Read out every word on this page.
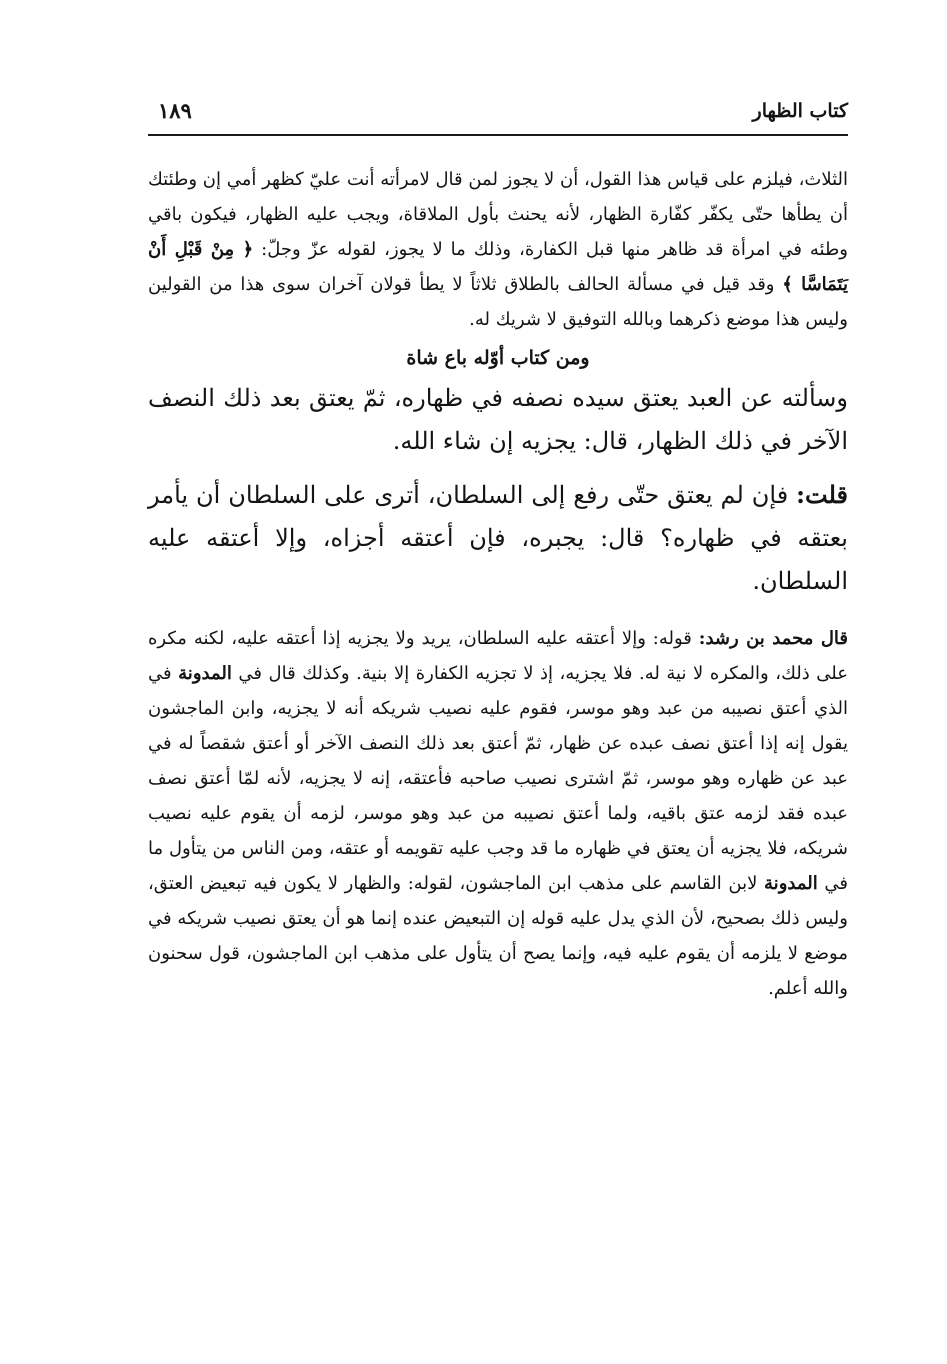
كتاب الظهار
١٨٩

الثلاث، فيلزم على قياس هذا القول، أن لا يجوز لمن قال لامرأته أنت عليّ كظهر أمي إن وطئتك أن يطأها حتّى يكفّر كفّارة الظهار، لأنه يحنث بأول الملاقاة، ويجب عليه الظهار، فيكون باقي وطئه في امرأة قد ظاهر منها قبل الكفارة، وذلك ما لا يجوز، لقوله عزّ وجلّ: ﴿ مِنْ قَبْلِ أَنْ يَتَمَاسَّا ﴾ وقد قيل في مسألة الحالف بالطلاق ثلاثاً لا يطأ قولان آخران سوى هذا من القولين وليس هذا موضع ذكرهما وبالله التوفيق لا شريك له.

ومن كتاب أوّله باع شاة

وسألته عن العبد يعتق سيده نصفه في ظهاره، ثمّ يعتق بعد ذلك النصف الآخر في ذلك الظهار، قال: يجزيه إن شاء الله.

قلت: فإن لم يعتق حتّى رفع إلى السلطان، أترى على السلطان أن يأمر بعتقه في ظهاره؟ قال: يجبره، فإن أعتقه أجزاه، وإلا أعتقه عليه السلطان.

قال محمد بن رشد: قوله: وإلا أعتقه عليه السلطان، يريد ولا يجزيه إذا أعتقه عليه، لكنه مكره على ذلك، والمكره لا نية له. فلا يجزيه، إذ لا تجزيه الكفارة إلا بنية. وكذلك قال في المدونة في الذي أعتق نصيبه من عبد وهو موسر، فقوم عليه نصيب شريكه أنه لا يجزيه، وابن الماجشون يقول إنه إذا أعتق نصف عبده عن ظهار، ثمّ أعتق بعد ذلك النصف الآخر أو أعتق شقصاً له في عبد عن ظهاره وهو موسر، ثمّ اشترى نصيب صاحبه فأعتقه، إنه لا يجزيه، لأنه لمّا أعتق نصف عبده فقد لزمه عتق باقيه، ولما أعتق نصيبه من عبد وهو موسر، لزمه أن يقوم عليه نصيب شريكه، فلا يجزيه أن يعتق في ظهاره ما قد وجب عليه تقويمه أو عتقه، ومن الناس من يتأول ما في المدونة لابن القاسم على مذهب ابن الماجشون، لقوله: والظهار لا يكون فيه تبعيض العتق، وليس ذلك بصحيح، لأن الذي يدل عليه قوله إن التبعيض عنده إنما هو أن يعتق نصيب شريكه في موضع لا يلزمه أن يقوم عليه فيه، وإنما يصح أن يتأول على مذهب ابن الماجشون، قول سحنون والله أعلم.
